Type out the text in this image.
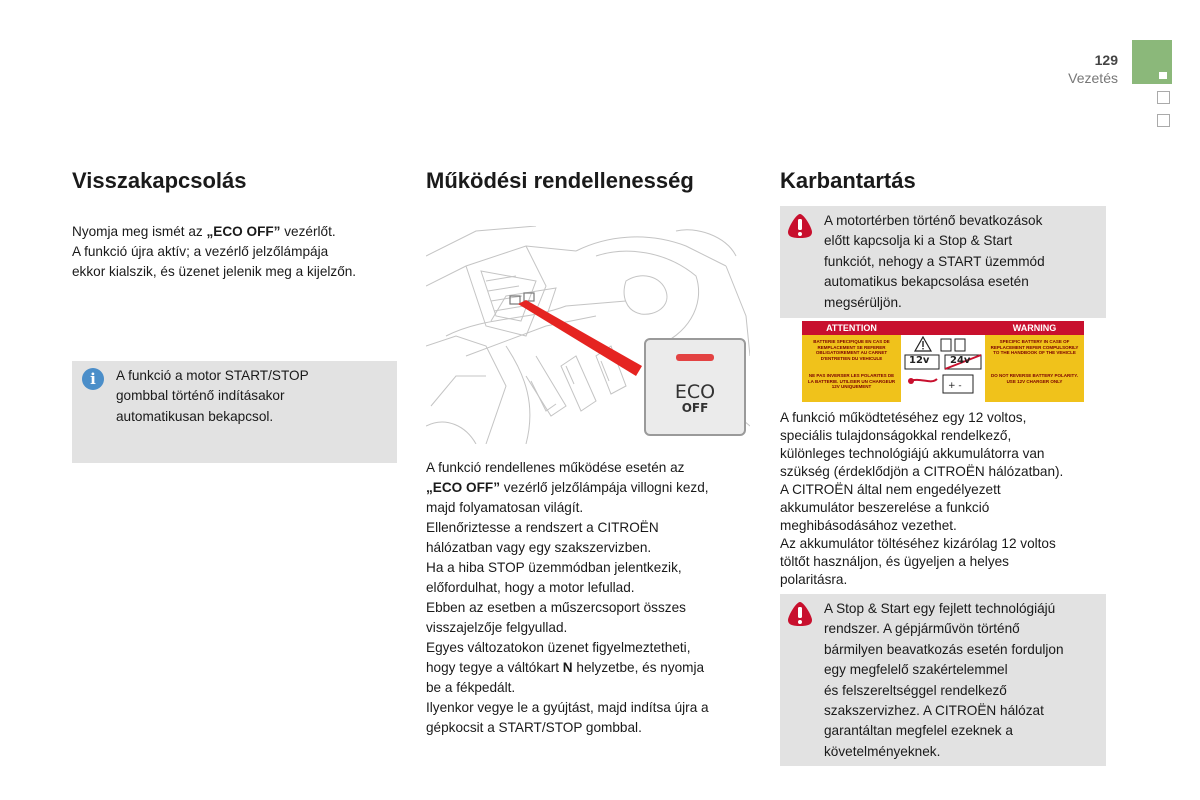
129
Vezetés
Visszakapcsolás
Nyomja meg ismét az „ECO OFF” vezérlőt.
A funkció újra aktív; a vezérlő jelzőlámpája
ekkor kialszik, és üzenet jelenik meg a kijelzőn.
i	A funkció a motor START/STOP
gombbal történő indításakor
automatikusan bekapcsol.
Működési rendellenesség
ECO
OFF
A funkció rendellenes működése esetén az
„ECO OFF” vezérlő jelzőlámpája villogni kezd,
majd folyamatosan világít.
Ellenőriztesse a rendszert a CITROËN
hálózatban vagy egy szakszervizben.
Ha a hiba STOP üzemmódban jelentkezik,
előfordulhat, hogy a motor lefullad.
Ebben az esetben a műszercsoport összes
visszajelzője felgyullad.
Egyes változatokon üzenet figyelmeztetheti,
hogy tegye a váltókart N helyzetbe, és nyomja
be a fékpedált.
Ilyenkor vegye le a gyújtást, majd indítsa újra a
gépkocsit a START/STOP gombbal.
Karbantartás
A motortérben történő bevatkozások
előtt kapcsolja ki a Stop & Start
funkciót, nehogy a START üzemmód
automatikus bekapcsolása esetén
megsérüljön.
ATTENTION	WARNING
BATTERIE SPECIFIQUE EN CAS DE REMPLACEMENT SE REFERER OBLIGATOIREMENT AU CARNET D'ENTRETIEN DU VEHICULE
SPECIFIC BATTERY IN CASE OF REPLACEMENT REFER COMPULSORILY TO THE HANDBOOK OF THE VEHICLE
NE PAS INVERSER LES POLARITES DE LA BATTERIE. UTILISER UN CHARGEUR 12V UNIQUEMENT
DO NOT REVERSE BATTERY POLARITY. USE 12V CHARGER ONLY
+ -
12v 24v
A funkció működtetéséhez egy 12 voltos,
speciális tulajdonságokkal rendelkező,
különleges technológiájú akkumulátorra van
szükség (érdeklődjön a CITROËN hálózatban).
A CITROËN által nem engedélyezett
akkumulátor beszerelése a funkció
meghibásodásához vezethet.
Az akkumulátor töltéséhez kizárólag 12 voltos
töltőt használjon, és ügyeljen a helyes
polaritásra.
A Stop & Start egy fejlett technológiájú
rendszer. A gépjárművön történő
bármilyen beavatkozás esetén forduljon
egy megfelelő szakértelemmel
és felszereltséggel rendelkező
szakszervizhez. A CITROËN hálózat
garantáltan megfelel ezeknek a
követelményeknek.
